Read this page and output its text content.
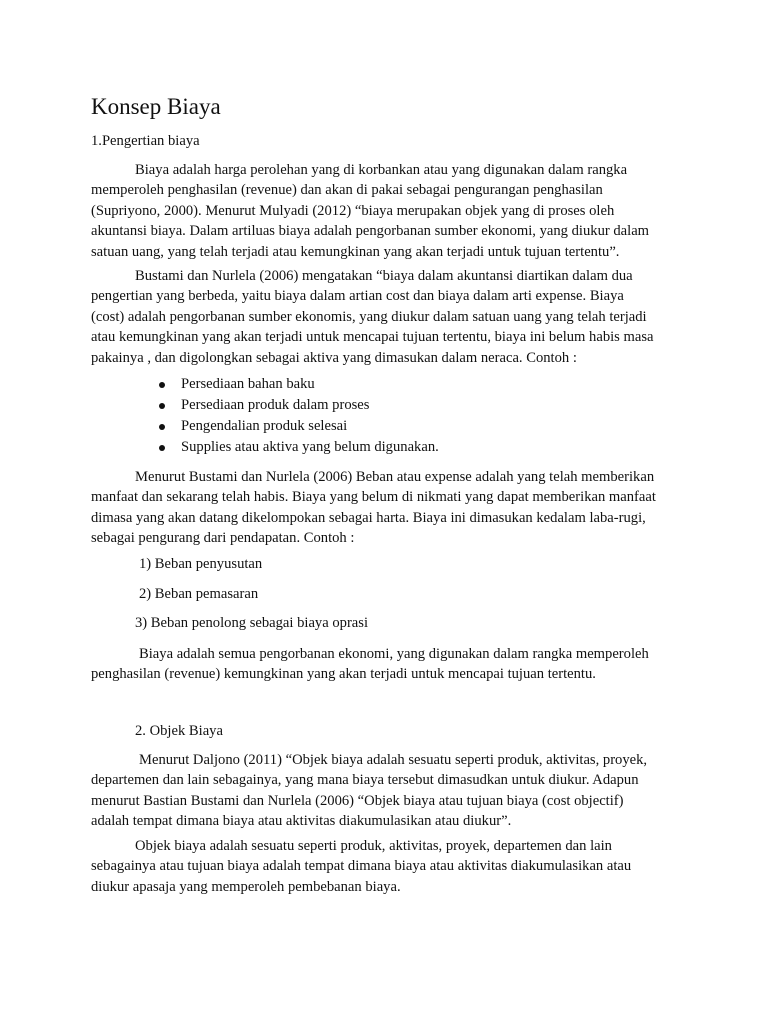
Konsep Biaya
1.Pengertian biaya

Biaya adalah harga perolehan yang di korbankan atau yang digunakan dalam rangka
memperoleh penghasilan (revenue) dan akan di pakai sebagai pengurangan penghasilan
(Supriyono, 2000). Menurut Mulyadi (2012) “biaya merupakan objek yang di proses oleh
akuntansi biaya. Dalam artiluas biaya adalah pengorbanan sumber ekonomi, yang diukur dalam
satuan uang, yang telah terjadi atau kemungkinan yang akan terjadi untuk tujuan tertentu”.

Bustami dan Nurlela (2006) mengatakan “biaya dalam akuntansi diartikan dalam dua
pengertian yang berbeda, yaitu biaya dalam artian cost dan biaya dalam arti expense. Biaya
(cost) adalah pengorbanan sumber ekonomis, yang diukur dalam satuan uang yang telah terjadi
atau kemungkinan yang akan terjadi untuk mencapai tujuan tertentu, biaya ini belum habis masa
pakainya , dan digolongkan sebagai aktiva yang dimasukan dalam neraca. Contoh :

Persediaan bahan baku
Persediaan produk dalam proses
Pengendalian produk selesai
Supplies atau aktiva yang belum digunakan.

Menurut Bustami dan Nurlela (2006) Beban atau expense adalah yang telah memberikan
manfaat dan sekarang telah habis. Biaya yang belum di nikmati yang dapat memberikan manfaat
dimasa yang akan datang dikelompokan sebagai harta. Biaya ini dimasukan kedalam laba-rugi,
sebagai pengurang dari pendapatan. Contoh :

1) Beban penyusutan
2) Beban pemasaran
3) Beban penolong sebagai biaya oprasi

Biaya adalah semua pengorbanan ekonomi, yang digunakan dalam rangka memperoleh
penghasilan (revenue) kemungkinan yang akan terjadi untuk mencapai tujuan tertentu.

2. Objek Biaya

Menurut Daljono (2011) “Objek biaya adalah sesuatu seperti produk, aktivitas, proyek,
departemen dan lain sebagainya, yang mana biaya tersebut dimasudkan untuk diukur. Adapun
menurut Bastian Bustami dan Nurlela (2006) “Objek biaya atau tujuan biaya (cost objectif)
adalah tempat dimana biaya atau aktivitas diakumulasikan atau diukur”.

Objek biaya adalah sesuatu seperti produk, aktivitas, proyek, departemen dan lain
sebagainya atau tujuan biaya adalah tempat dimana biaya atau aktivitas diakumulasikan atau
diukur apasaja yang memperoleh pembebanan biaya.
